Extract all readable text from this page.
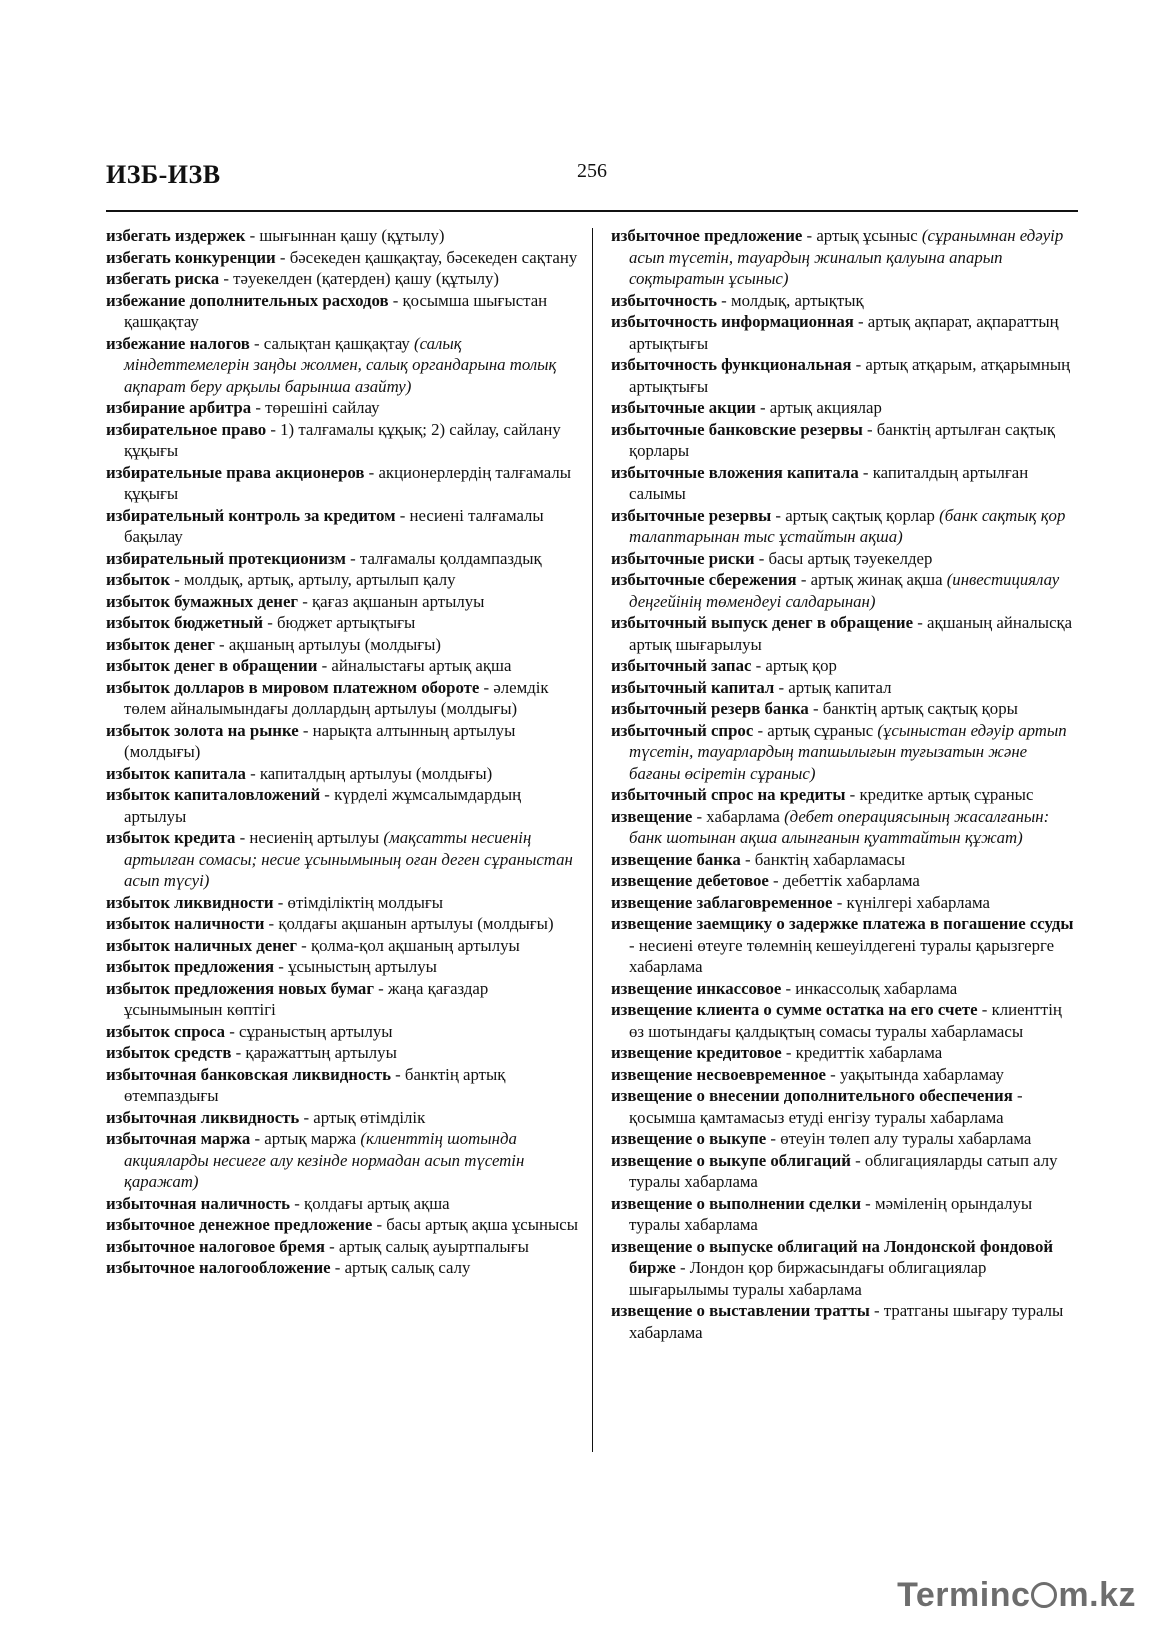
ИЗБ-ИЗВ	256
избегать издержек - шығыннан қашу (құтылу)
избегать конкуренции - бәсекеден қашқақтау, бәсекеден сақтану
избегать риска - тәуекелден (қатерден) қашу (құтылу)
избежание дополнительных расходов - қосымша шығыстан қашқақтау
избежание налогов - салықтан қашқақтау (салық міндеттемелерін заңды жолмен, салық органдарына толық ақпарат беру арқылы барынша азайту)
избирание арбитра - төрешіні сайлау
избирательное право - 1) талғамалы құқық; 2) сайлау, сайлану құқығы
избирательные права акционеров - акционерлердің талғамалы құқығы
избирательный контроль за кредитом - несиені талғамалы бақылау
избирательный протекционизм - талғамалы қолдампаздық
избыток - молдық, артық, артылу, артылып қалу
избыток бумажных денег - қағаз ақшанын артылуы
избыток бюджетный - бюджет артықтығы
избыток денег - ақшаның артылуы (молдығы)
избыток денег в обращении - айналыстағы артық ақша
избыток долларов в мировом платежном обороте - әлемдік төлем айналымындағы доллардың артылуы (молдығы)
избыток золота на рынке - нарықта алтынның артылуы (молдығы)
избыток капитала - капиталдың артылуы (молдығы)
избыток капиталовложений - күрделі жұмсалымдардың артылуы
избыток кредита - несиенің артылуы (мақсатты несиенің артылған сомасы; несие ұсынымының оған деген сұраныстан асып түсуі)
избыток ликвидности - өтімділіктің молдығы
избыток наличности - қолдағы ақшанын артылуы (молдығы)
избыток наличных денег - қолма-қол ақшаның артылуы
избыток предложения - ұсыныстың артылуы
избыток предложения новых бумаг - жаңа қағаздар ұсынымынын көптігі
избыток спроса - сұраныстың артылуы
избыток средств - қаражаттың артылуы
избыточная банковская ликвидность - банктің артық өтемпаздығы
избыточная ликвидность - артық өтімділік
избыточная маржа - артық маржа (клиенттің шотында акцияларды несиеге алу кезінде нормадан асып түсетін қаражат)
избыточная наличность - қолдағы артық ақша
избыточное денежное предложение - басы артық ақша ұсынысы
избыточное налоговое бремя - артық салық ауыртпалығы
избыточное налогообложение - артық салық салу
избыточное предложение - артық ұсыныс (сұранымнан едәуір асып түсетін, тауардың жиналып қалуына апарып соқтыратын ұсыныс)
избыточность - молдық, артықтық
избыточность информационная - артық ақпарат, ақпараттың артықтығы
избыточность функциональная - артық атқарым, атқарымның артықтығы
избыточные акции - артық акциялар
избыточные банковские резервы - банктің артылған сақтық қорлары
избыточные вложения капитала - капиталдың артылған салымы
избыточные резервы - артық сақтық қорлар (банк сақтық қор талаптарынан тыс ұстайтын ақша)
избыточные риски - басы артық тәуекелдер
избыточные сбережения - артық жинақ ақша (инвестициялау деңгейінің төмендеуі салдарынан)
избыточный выпуск денег в обращение - ақшаның айналысқа артық шығарылуы
избыточный запас - артық қор
избыточный капитал - артық капитал
избыточный резерв банка - банктің артық сақтық қоры
избыточный спрос - артық сұраныс (ұсыныстан едәуір артып түсетін, тауарлардың тапшылығын туғызатын және бағаны өсіретін сұраныс)
избыточный спрос на кредиты - кредитке артық сұраныс
извещение - хабарлама (дебет операциясының жасалғанын: банк шотынан ақша алынғанын қуаттайтын құжат)
извещение банка - банктің хабарламасы
извещение дебетовое - дебеттік хабарлама
извещение заблаговременное - күнілгері хабарлама
извещение заемщику о задержке платежа в погашение ссуды - несиені өтеуге төлемнің кешеуілдегені туралы қарызгерге хабарлама
извещение инкассовое - инкассолық хабарлама
извещение клиента о сумме остатка на его счете - клиенттің өз шотындағы қалдықтың сомасы туралы хабарламасы
извещение кредитовое - кредиттік хабарлама
извещение несвоевременное - уақытында хабарламау
извещение о внесении дополнительного обеспечения - қосымша қамтамасыз етуді енгізу туралы хабарлама
извещение о выкупе - өтеуін төлеп алу туралы хабарлама
извещение о выкупе облигаций - облигацияларды сатып алу туралы хабарлама
извещение о выполнении сделки - мәміленің орындалуы туралы хабарлама
извещение о выпуске облигаций на Лондонской фондовой бирже - Лондон қор биржасындағы облигациялар шығарылымы туралы хабарлама
извещение о выставлении тратты - тратганы шығару туралы хабарлама
Terminc m.kz
